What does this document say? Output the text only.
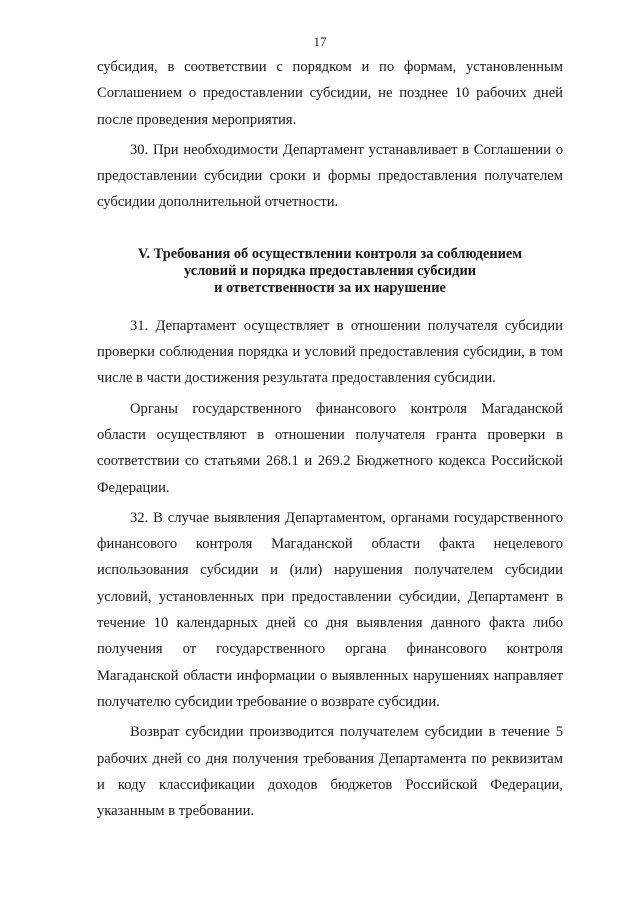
17

субсидия, в соответствии с порядком и по формам, установленным Соглашением о предоставлении субсидии, не позднее 10 рабочих дней после проведения мероприятия.

30. При необходимости Департамент устанавливает в Соглашении о предоставлении субсидии сроки и формы предоставления получателем субсидии дополнительной отчетности.

V. Требования об осуществлении контроля за соблюдением
условий и порядка предоставления субсидии
и ответственности за их нарушение

31. Департамент осуществляет в отношении получателя субсидии проверки соблюдения порядка и условий предоставления субсидии, в том числе в части достижения результата предоставления субсидии.

Органы государственного финансового контроля Магаданской области осуществляют в отношении получателя гранта проверки в соответствии со статьями 268.1 и 269.2 Бюджетного кодекса Российской Федерации.

32. В случае выявления Департаментом, органами государственного финансового контроля Магаданской области факта нецелевого использования субсидии и (или) нарушения получателем субсидии условий, установленных при предоставлении субсидии, Департамент в течение 10 календарных дней со дня выявления данного факта либо получения от государственного органа финансового контроля Магаданской области информации о выявленных нарушениях направляет получателю субсидии требование о возврате субсидии.

Возврат субсидии производится получателем субсидии в течение 5 рабочих дней со дня получения требования Департамента по реквизитам и коду классификации доходов бюджетов Российской Федерации, указанным в требовании.
